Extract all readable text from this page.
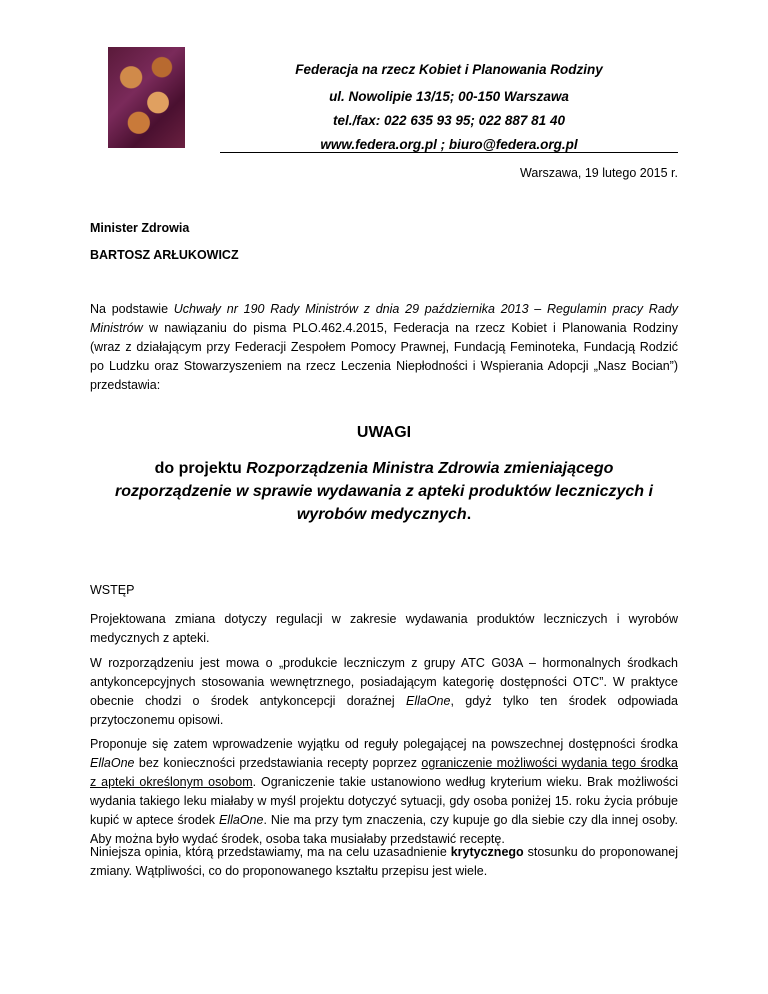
Federacja na rzecz Kobiet i Planowania Rodziny
ul. Nowolipie 13/15; 00-150 Warszawa
tel./fax: 022 635 93 95; 022 887 81 40
www.federa.org.pl ; biuro@federa.org.pl
Warszawa, 19 lutego 2015 r.
Minister Zdrowia
BARTOSZ ARŁUKOWICZ
Na podstawie Uchwały nr 190 Rady Ministrów z dnia 29 października 2013 – Regulamin pracy Rady Ministrów w nawiązaniu do pisma PLO.462.4.2015, Federacja na rzecz Kobiet i Planowania Rodziny (wraz z działającym przy Federacji Zespołem Pomocy Prawnej, Fundacją Feminoteka, Fundacją Rodzić po Ludzku oraz Stowarzyszeniem na rzecz Leczenia Niepłodności i Wspierania Adopcji „Nasz Bocian”) przedstawia:
UWAGI
do projektu Rozporządzenia Ministra Zdrowia zmieniającego rozporządzenie w sprawie wydawania z apteki produktów leczniczych i wyrobów medycznych.
WSTĘP
Projektowana zmiana dotyczy regulacji w zakresie wydawania produktów leczniczych i wyrobów medycznych z apteki.
W rozporządzeniu jest mowa o „produkcie leczniczym z grupy ATC G03A – hormonalnych środkach antykoncepcyjnych stosowania wewnętrznego, posiadającym kategorię dostępności OTC”. W praktyce obecnie chodzi o środek antykoncepcji doraźnej EllaOne, gdyż tylko ten środek odpowiada przytoczonemu opisowi.
Proponuje się zatem wprowadzenie wyjątku od reguły polegającej na powszechnej dostępności środka EllaOne bez konieczności przedstawiania recepty poprzez ograniczenie możliwości wydania tego środka z apteki określonym osobom. Ograniczenie takie ustanowiono według kryterium wieku. Brak możliwości wydania takiego leku miałaby w myśl projektu dotyczyć sytuacji, gdy osoba poniżej 15. roku życia próbuje kupić w aptece środek EllaOne. Nie ma przy tym znaczenia, czy kupuje go dla siebie czy dla innej osoby. Aby można było wydać środek, osoba taka musiałaby przedstawić receptę.
Niniejsza opinia, którą przedstawiamy, ma na celu uzasadnienie krytycznego stosunku do proponowanej zmiany. Wątpliwości, co do proponowanego kształtu przepisu jest wiele.
